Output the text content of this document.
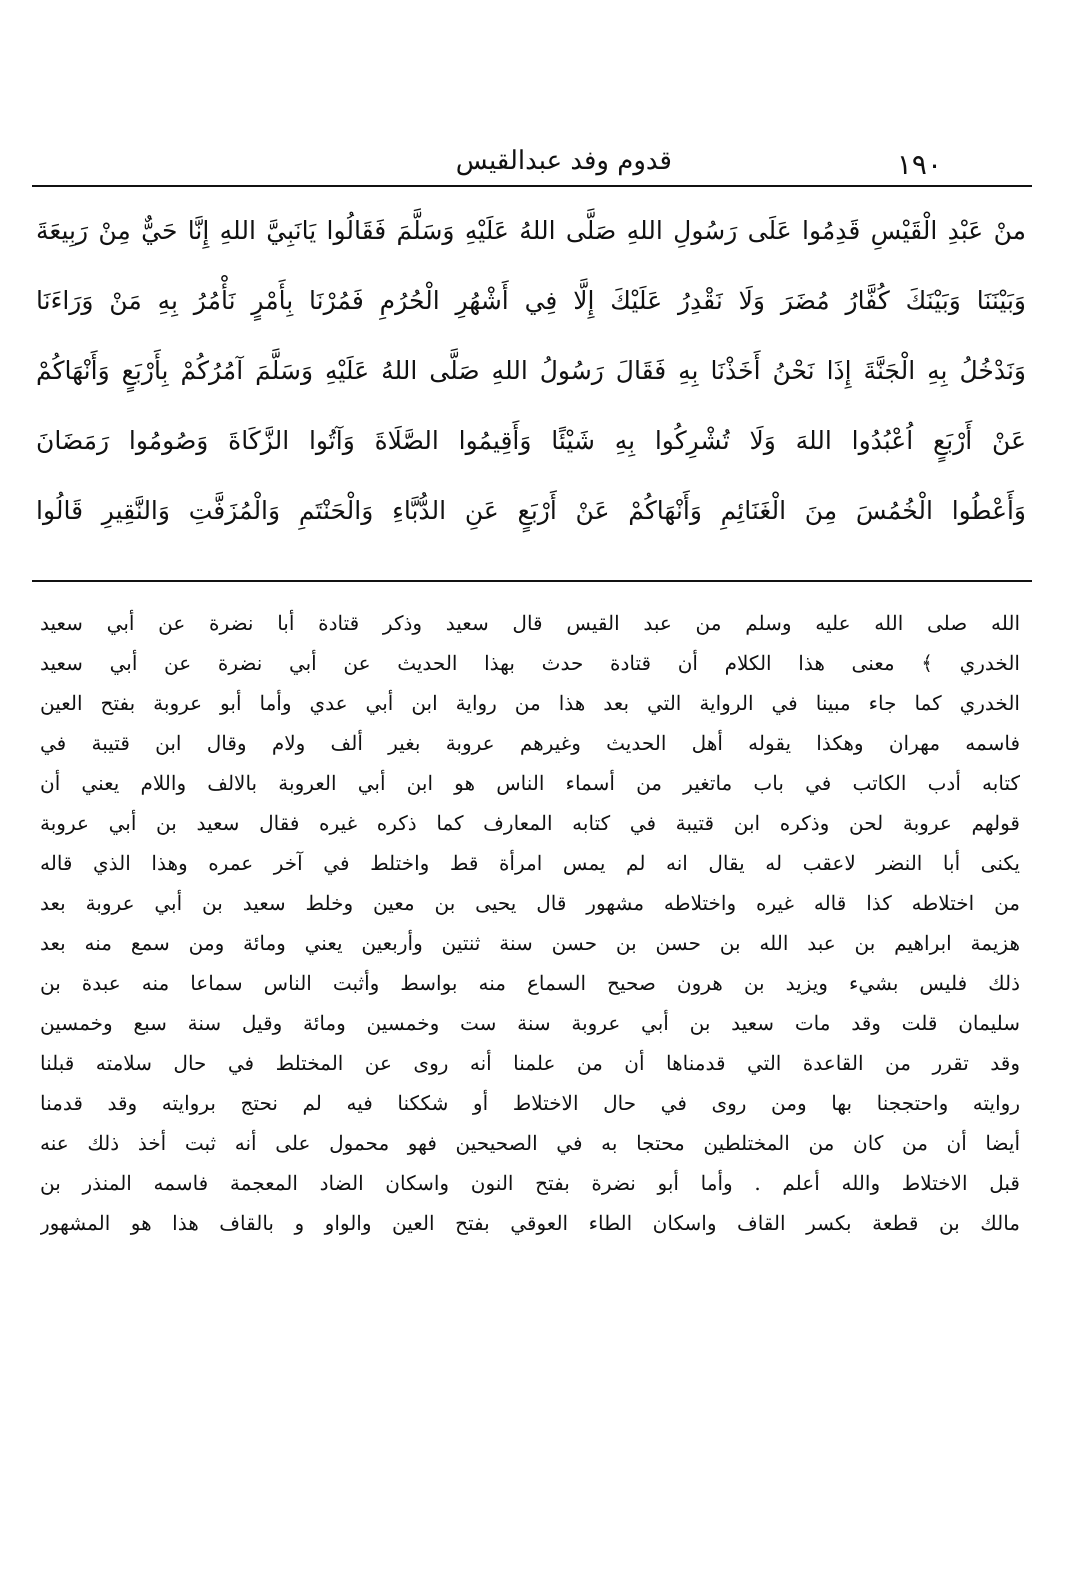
١٩٠
قدوم وفد عبدالقيس
منْ عَبْدِ الْقَيْسِ قَدِمُوا عَلَى رَسُولِ اللهِ صَلَّى اللهُ عَلَيْهِ وَسَلَّمَ فَقَالُوا يَانَبِيَّ اللهِ إِنَّا حَيٌّ مِنْ رَبِيعَةَ
وَبَيْنَنَا وَبَيْنَكَ كُفَّارُ مُضَرَ وَلَا نَقْدِرُ عَلَيْكَ إِلَّا فِي أَشْهُرِ الْحُرُمِ فَمُرْنَا بِأَمْرٍ نَأْمُرُ بِهِ مَنْ وَرَاءَنَا
وَنَدْخُلُ بِهِ الْجَنَّةَ إِذَا نَحْنُ أَخَذْنَا بِهِ فَقَالَ رَسُولُ اللهِ صَلَّى اللهُ عَلَيْهِ وَسَلَّمَ آمُرُكُمْ بِأَرْبَعٍ وَأَنْهَاكُمْ
عَنْ أَرْبَعٍ اُعْبُدُوا اللهَ وَلَا تُشْرِكُوا بِهِ شَيْئًا وَأَقِيمُوا الصَّلَاةَ وَآتُوا الزَّكَاةَ وَصُومُوا رَمَضَانَ
وَأَعْطُوا الْخُمُسَ مِنَ الْغَنَائِمِ وَأَنْهَاكُمْ عَنْ أَرْبَعٍ عَنِ الدُّبَّاءِ وَالْحَنْتَمِ وَالْمُزَفَّتِ وَالنَّقِيرِ قَالُوا
الله صلى الله عليه وسلم من عبد القيس قال سعيد وذكر قتادة أبا نضرة عن أبي سعيد
الخدري ﴾ معنى هذا الكلام أن قتادة حدث بهذا الحديث عن أبي نضرة عن أبي سعيد
الخدري كما جاء مبينا في الرواية التي بعد هذا من رواية ابن أبي عدي وأما أبو عروبة بفتح العين
فاسمه مهران وهكذا يقوله أهل الحديث وغيرهم عروبة بغير ألف ولام وقال ابن قتيبة في
كتابه أدب الكاتب في باب ماتغير من أسماء الناس هو ابن أبي العروبة بالالف واللام يعني أن
قولهم عروبة لحن وذكره ابن قتيبة في كتابه المعارف كما ذكره غيره فقال سعيد بن أبي عروبة
يكنى أبا النضر لاعقب له يقال انه لم يمس امرأة قط واختلط في آخر عمره وهذا الذي قاله
من اختلاطه كذا قاله غيره واختلاطه مشهور قال يحيى بن معين وخلط سعيد بن أبي عروبة بعد
هزيمة ابراهيم بن عبد الله بن حسن بن حسن سنة ثنتين وأربعين يعني ومائة ومن سمع منه بعد
ذلك فليس بشيء ويزيد بن هرون صحيح السماع منه بواسط وأثبت الناس سماعا منه عبدة بن
سليمان قلت وقد مات سعيد بن أبي عروبة سنة ست وخمسين ومائة وقيل سنة سبع وخمسين
وقد تقرر من القاعدة التي قدمناها أن من علمنا أنه روى عن المختلط في حال سلامته قبلنا
روايته واحتججنا بها ومن روى في حال الاختلاط أو شككنا فيه لم نحتج بروايته وقد قدمنا
أيضا أن من كان من المختلطين محتجا به في الصحيحين فهو محمول على أنه ثبت أخذ ذلك عنه
قبل الاختلاط والله أعلم . وأما أبو نضرة بفتح النون واسكان الضاد المعجمة فاسمه المنذر بن
مالك بن قطعة بكسر القاف واسكان الطاء العوقي بفتح العين والواو و بالقاف هذا هو المشهور
